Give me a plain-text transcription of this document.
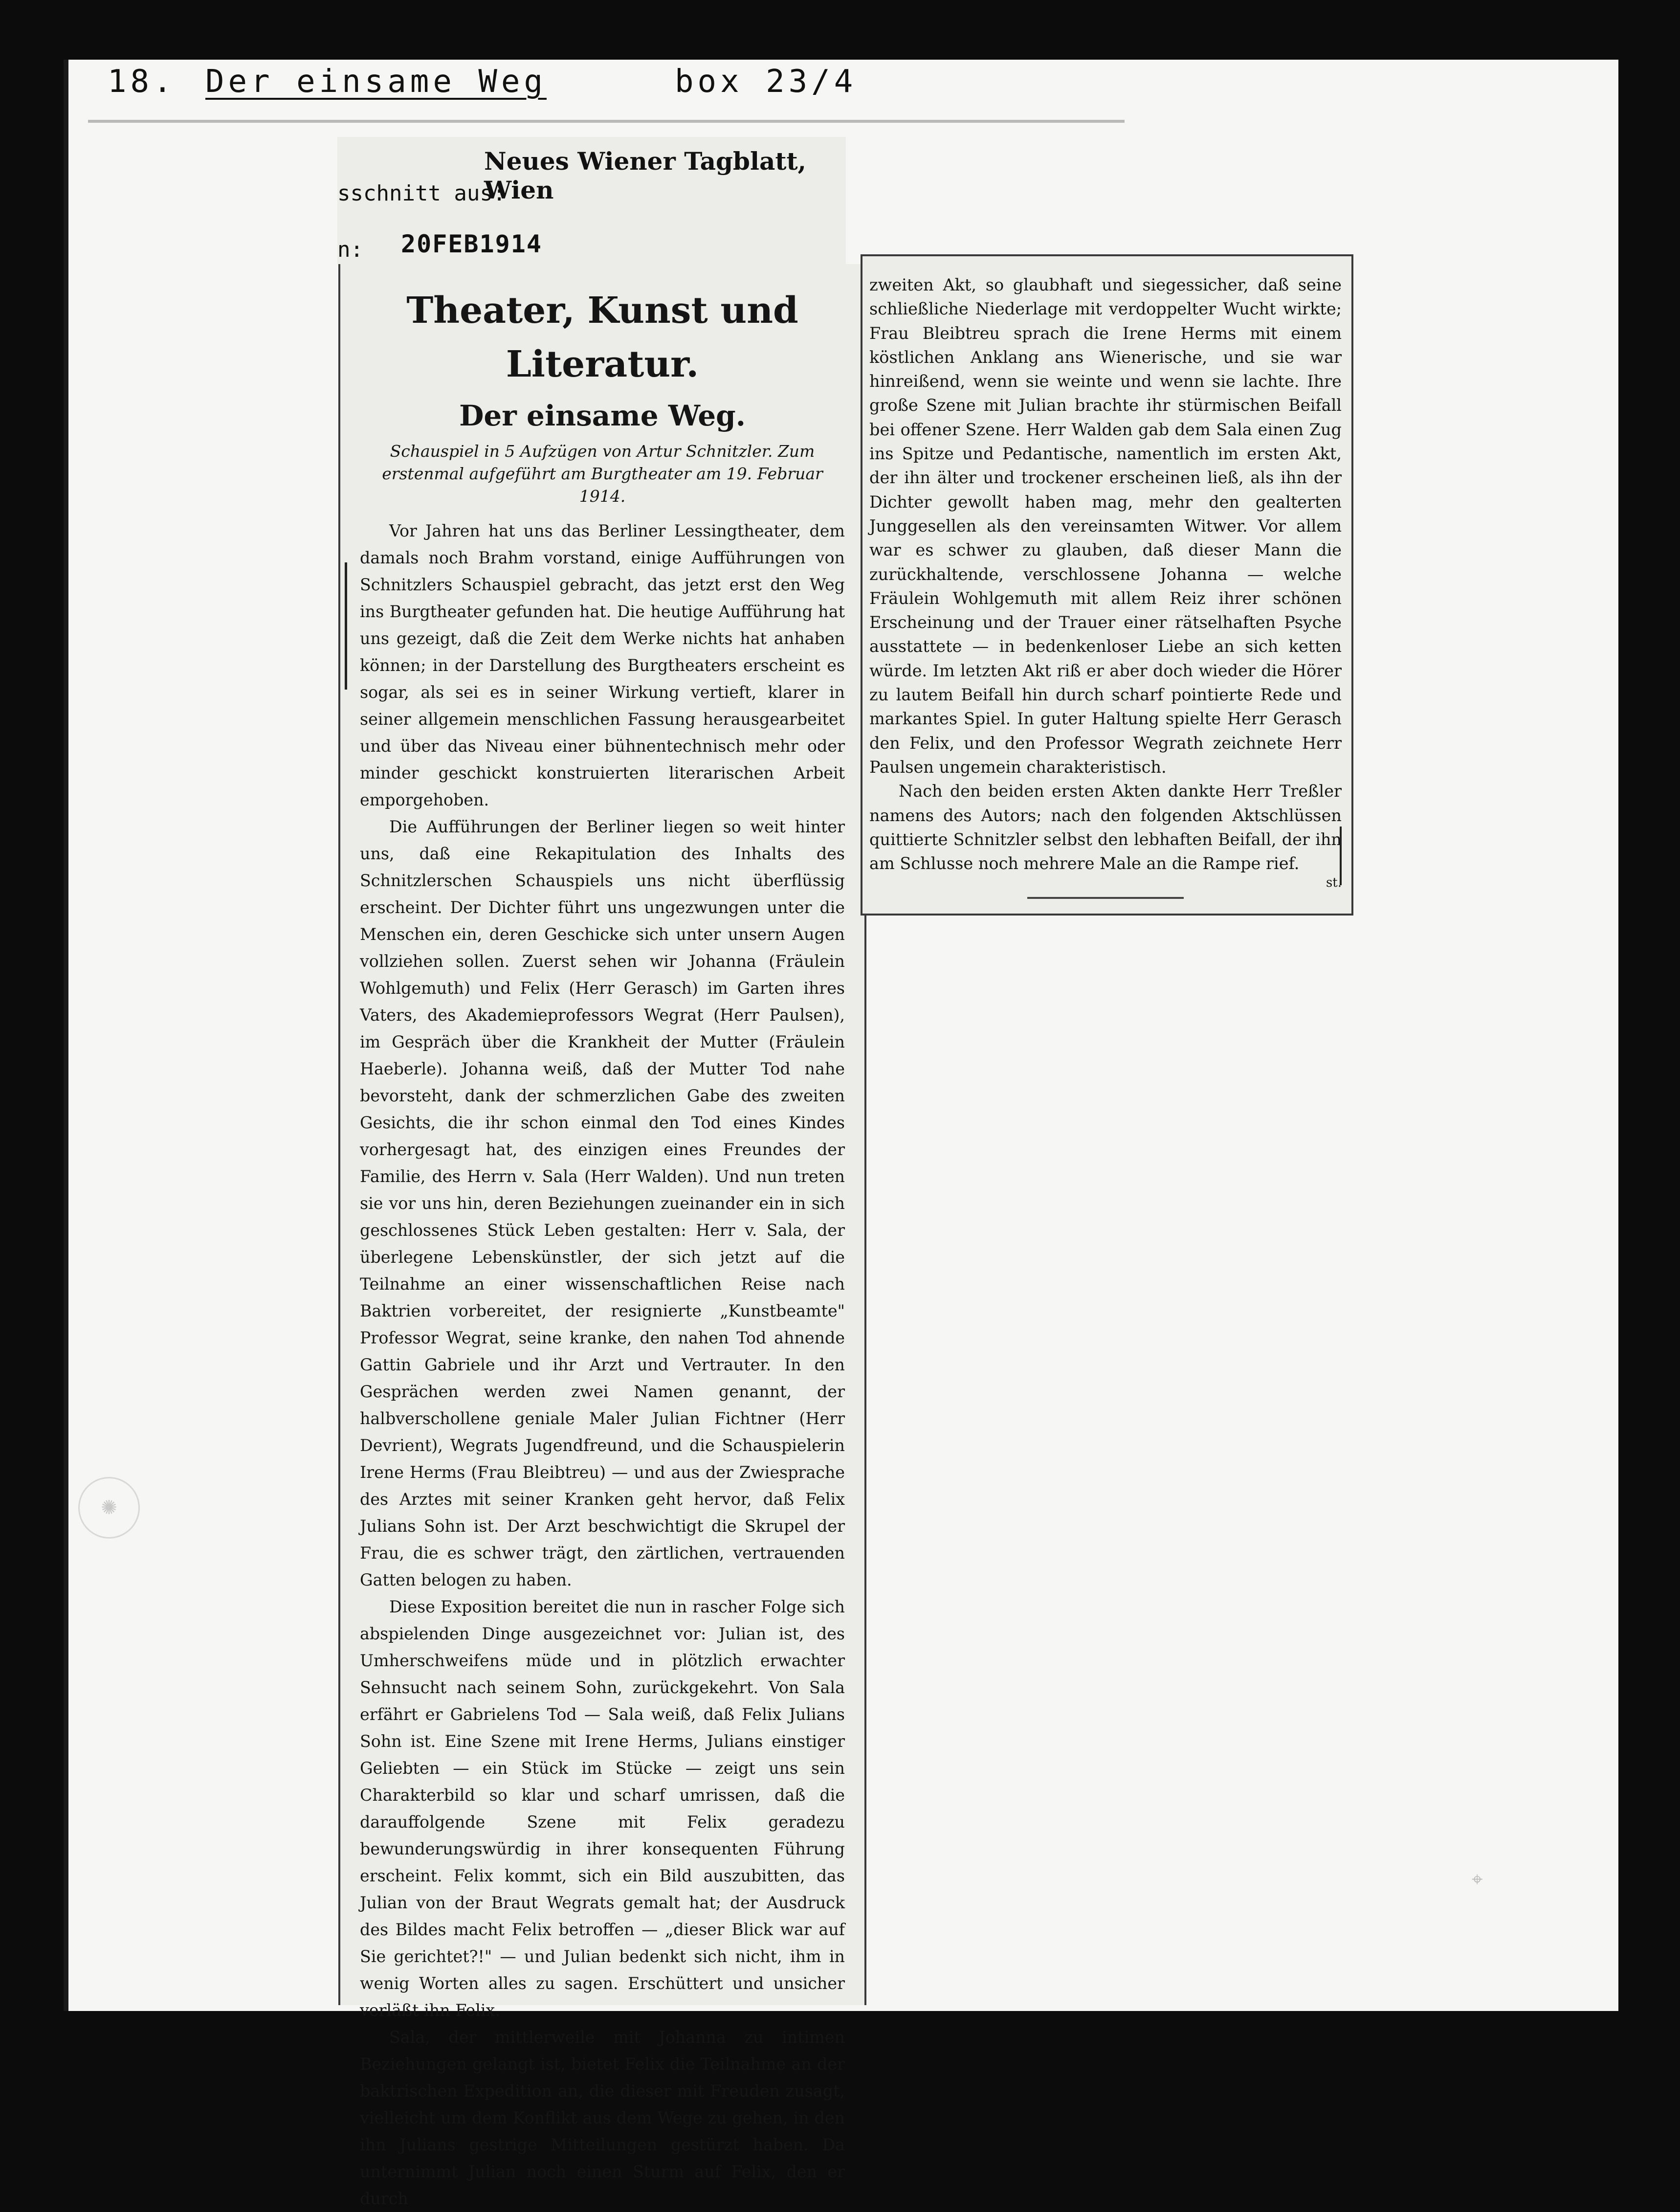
18.

Der einsame Weg

	box 23/4

Neues Wiener Tagblatt, Wien
sschnitt aus:
n: 20FEB1914
Theater, Kunst und Literatur.
Der einsame Weg.
Schauspiel in 5 Aufzügen von Artur Schnitzler. Zum erstenmal aufgeführt am Burgtheater am 19. Februar 1914.

Vor Jahren hat uns das Berliner Lessingtheater, dem damals noch Brahm vorstand, einige Aufführungen von Schnitzlers Schauspiel gebracht, das jetzt erst den Weg ins Burgtheater gefunden hat. Die heutige Aufführung hat uns gezeigt, daß die Zeit dem Werke nichts hat anhaben können; in der Darstellung des Burgtheaters erscheint es sogar, als sei es in seiner Wirkung vertieft, klarer in seiner allgemein menschlichen Fassung herausgearbeitet und über das Niveau einer bühnentechnisch mehr oder minder geschickt konstruierten literarischen Arbeit emporgehoben.

Die Aufführungen der Berliner liegen so weit hinter uns, daß eine Rekapitulation des Inhalts des Schnitzlerschen Schauspiels uns nicht überflüssig erscheint. Der Dichter führt uns ungezwungen unter die Menschen ein, deren Geschicke sich unter unsern Augen vollziehen sollen. Zuerst sehen wir Johanna (Fräulein Wohlgemuth) und Felix (Herr Gerasch) im Garten ihres Vaters, des Akademieprofessors Wegrat (Herr Paulsen), im Gespräch über die Krankheit der Mutter (Fräulein Haeberle). Johanna weiß, daß der Mutter Tod nahe bevorsteht, dank der schmerzlichen Gabe des zweiten Gesichts, die ihr schon einmal den Tod eines Kindes vorhergesagt hat, des einzigen eines Freundes der Familie, des Herrn v. Sala (Herr Walden). Und nun treten sie vor uns hin, deren Beziehungen zueinander ein in sich geschlossenes Stück Leben gestalten: Herr v. Sala, der überlegene Lebenskünstler, der sich jetzt auf die Teilnahme an einer wissenschaftlichen Reise nach Baktrien vorbereitet, der resignierte „Kunstbeamte" Professor Wegrat, seine kranke, den nahen Tod ahnende Gattin Gabriele und ihr Arzt und Vertrauter. In den Gesprächen werden zwei Namen genannt, der halbverschollene geniale Maler Julian Fichtner (Herr Devrient), Wegrats Jugendfreund, und die Schauspielerin Irene Herms (Frau Bleibtreu) — und aus der Zwiesprache des Arztes mit seiner Kranken geht hervor, daß Felix Julians Sohn ist. Der Arzt beschwichtigt die Skrupel der Frau, die es schwer trägt, den zärtlichen, vertrauenden Gatten belogen zu haben.

Diese Exposition bereitet die nun in rascher Folge sich abspielenden Dinge ausgezeichnet vor: Julian ist, des Umherschweifens müde und in plötzlich erwachter Sehnsucht nach seinem Sohn, zurückgekehrt. Von Sala erfährt er Gabrielens Tod — Sala weiß, daß Felix Julians Sohn ist. Eine Szene mit Irene Herms, Julians einstiger Geliebten — ein Stück im Stücke — zeigt uns sein Charakterbild so klar und scharf umrissen, daß die darauffolgende Szene mit Felix geradezu bewunderungswürdig in ihrer konsequenten Führung erscheint. Felix kommt, sich ein Bild auszubitten, das Julian von der Braut Wegrats gemalt hat; der Ausdruck des Bildes macht Felix betroffen — „dieser Blick war auf Sie gerichtet?!" — und Julian bedenkt sich nicht, ihm in wenig Worten alles zu sagen. Erschüttert und unsicher verläßt ihn Felix.

Sala, der mittlerweile mit Johanna zu intimen Beziehungen gelangt ist, bietet Felix die Teilnahme an der baktrischen Expedition an, die dieser mit Freuden zusagt, vielleicht um dem Konflikt aus dem Wege zu gehen, in den ihn Julians gestrige Mitteilungen gestürzt haben. Da unternimmt Julian noch einen Sturm auf Felix, den er durch

zweiten Akt, so glaubhaft und siegessicher, daß seine schließliche Niederlage mit verdoppelter Wucht wirkte; Frau Bleibtreu sprach die Irene Herms mit einem köstlichen Anklang ans Wienerische, und sie war hinreißend, wenn sie weinte und wenn sie lachte. Ihre große Szene mit Julian brachte ihr stürmischen Beifall bei offener Szene. Herr Walden gab dem Sala einen Zug ins Spitze und Pedantische, namentlich im ersten Akt, der ihn älter und trockener erscheinen ließ, als ihn der Dichter gewollt haben mag, mehr den gealterten Junggesellen als den vereinsamten Witwer. Vor allem war es schwer zu glauben, daß dieser Mann die zurückhaltende, verschlossene Johanna — welche Fräulein Wohlgemuth mit allem Reiz ihrer schönen Erscheinung und der Trauer einer rätselhaften Psyche ausstattete — in bedenkenloser Liebe an sich ketten würde. Im letzten Akt riß er aber doch wieder die Hörer zu lautem Beifall hin durch scharf pointierte Rede und markantes Spiel. In guter Haltung spielte Herr Gerasch den Felix, und den Professor Wegrath zeichnete Herr Paulsen ungemein charakteristisch.

Nach den beiden ersten Akten dankte Herr Treßler namens des Autors; nach den folgenden Aktschlüssen quittierte Schnitzler selbst den lebhaften Beifall, der ihn am Schlusse noch mehrere Male an die Rampe rief.

st.
✺
⌖
